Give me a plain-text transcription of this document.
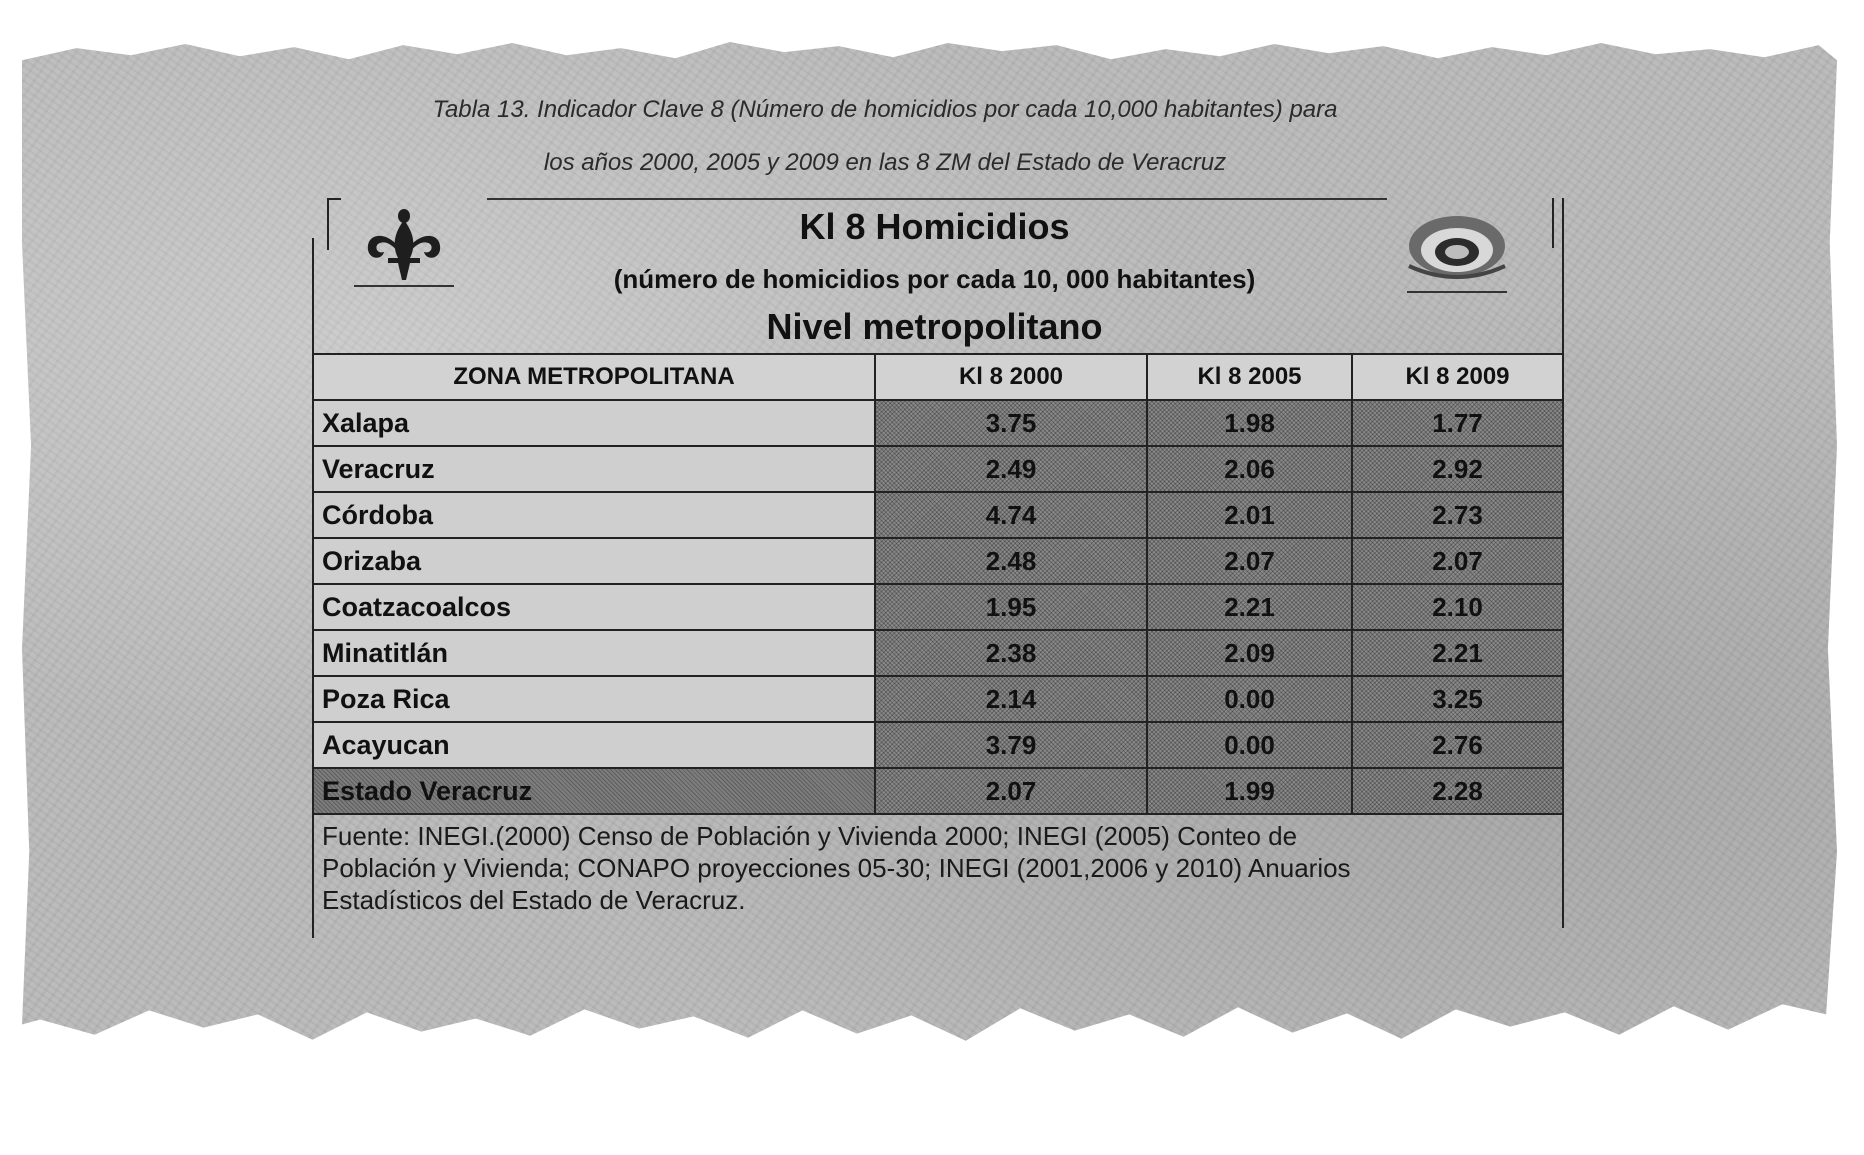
Tabla 13. Indicador Clave 8 (Número de homicidios por cada 10,000 habitantes) para
los años 2000, 2005 y 2009 en las 8 ZM del Estado de Veracruz
Kl 8 Homicidios
(número de homicidios por cada 10, 000 habitantes)
Nivel metropolitano
ZONA METROPOLITANA	Kl 8 2000	Kl 8 2005	Kl 8 2009
Xalapa	3.75	1.98	1.77
Veracruz	2.49	2.06	2.92
Córdoba	4.74	2.01	2.73
Orizaba	2.48	2.07	2.07
Coatzacoalcos	1.95	2.21	2.10
Minatitlán	2.38	2.09	2.21
Poza Rica	2.14	0.00	3.25
Acayucan	3.79	0.00	2.76
Estado Veracruz	2.07	1.99	2.28
Fuente: INEGI.(2000) Censo de Población y Vivienda 2000; INEGI (2005) Conteo de
Población y Vivienda; CONAPO proyecciones 05-30; INEGI (2001,2006 y 2010) Anuarios
Estadísticos del Estado de Veracruz.
